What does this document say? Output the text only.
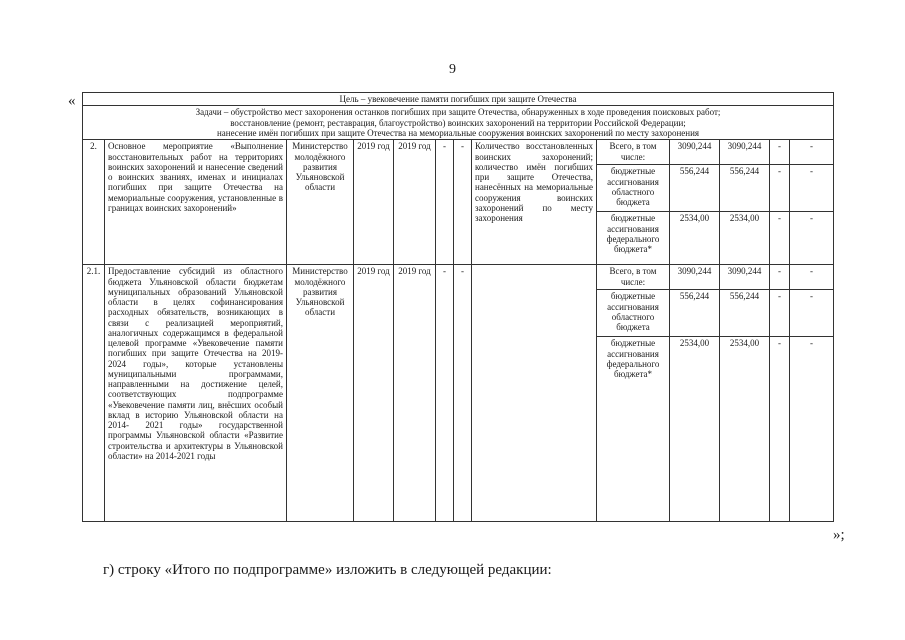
9
«	Цель – увековечение памяти погибших при защите Отечества												

Задачи – обустройство мест захоронения останков погибших при защите Отечества, обнаруженных в ходе проведения поисковых работ;
восстановление (ремонт, реставрация, благоустройство) воинских захоронений на территории Российской Федерации;
нанесение имён погибших при защите Отечества на мемориальные сооружения воинских захоронений по месту захоронения												

2.	Основное мероприятие «Выполнение восстановительных работ на территориях воинских захоронений и нанесение сведений о воинских званиях, именах и инициалах погибших при защите Отечества на мемориальные сооружения, установленные в границах воинских захоронений»	Министерство молодёжного развития Ульяновской области	2019 год	2019 год	-	-	Количество восстановленных воинских захоронений; количество имён погибших при защите Отечества, нанесённых на мемориальные сооружения воинских захоронений по месту захоронения	Всего, в том числе:	3090,244	3090,244	-	-
								бюджетные ассигнования областного бюджета	556,244	556,244	-	-
								бюджетные ассигнования федерального бюджета*	2534,00	2534,00	-	-
2.1.	Предоставление субсидий из областного бюджета Ульяновской области бюджетам муниципальных образований Ульяновской области в целях софинансирования расходных обязательств, возникающих в связи с реализацией мероприятий, аналогичных содержащимся в федеральной целевой программе «Увековечение памяти погибших при защите Отечества на 2019-2024 годы», которые установлены муниципальными программами, направленными на достижение целей, соответствующих подпрограмме «Увековечение памяти лиц, внёсших особый вклад в историю Ульяновской области на 2014- 2021 годы» государственной программы Ульяновской области «Развитие строительства и архитектуры в Ульяновской области» на 2014-2021 годы	Министерство молодёжного развития Ульяновской области	2019 год	2019 год	-	-		Всего, в том числе:	3090,244	3090,244	-	-
								бюджетные ассигнования областного бюджета	556,244	556,244	-	-
								бюджетные ассигнования федерального бюджета*	2534,00	2534,00	-	-
»;
г) строку «Итого по подпрограмме» изложить в следующей редакции:
